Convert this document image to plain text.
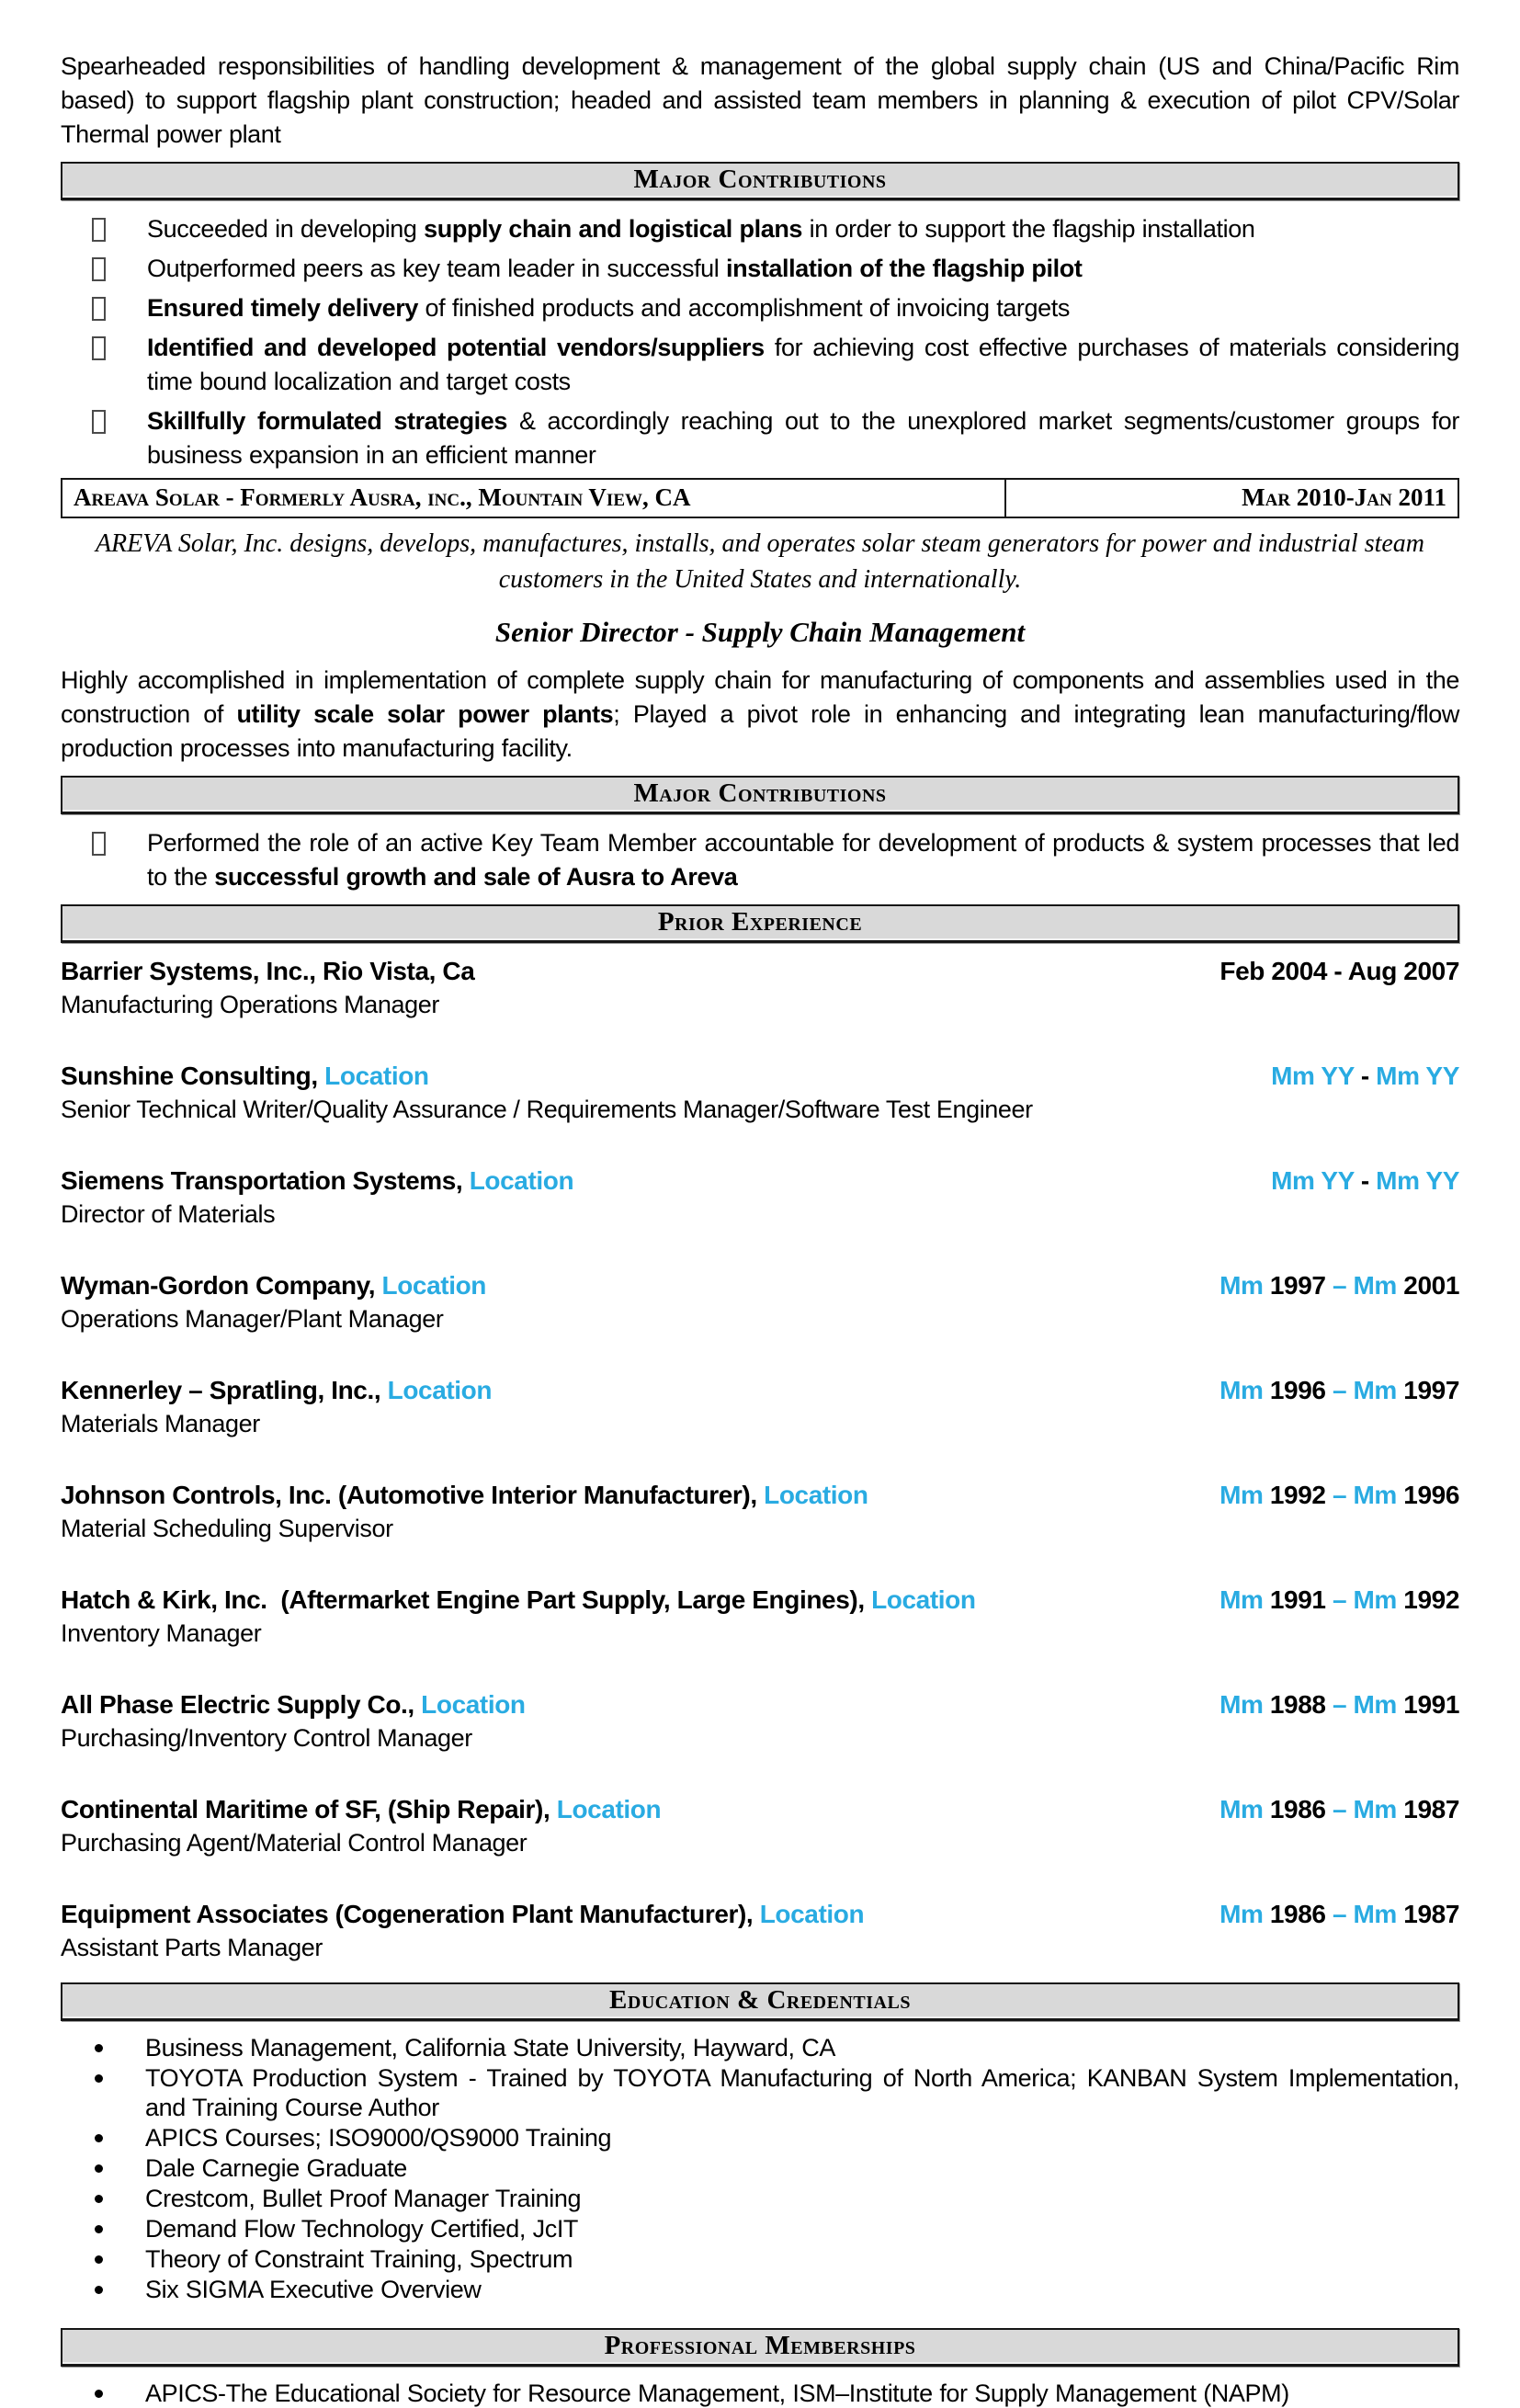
Spearheaded responsibilities of handling development & management of the global supply chain (US and China/Pacific Rim based) to support flagship plant construction; headed and assisted team members in planning & execution of pilot CPV/Solar Thermal power plant

Major Contributions
Succeeded in developing supply chain and logistical plans in order to support the flagship installation
Outperformed peers as key team leader in successful installation of the flagship pilot
Ensured timely delivery of finished products and accomplishment of invoicing targets
Identified and developed potential vendors/suppliers for achieving cost effective purchases of materials considering time bound localization and target costs
Skillfully formulated strategies & accordingly reaching out to the unexplored market segments/customer groups for business expansion in an efficient manner
Areava Solar - Formerly Ausra, inc., Mountain View, CA	Mar 2010-Jan 2011

AREVA Solar, Inc. designs, develops, manufactures, installs, and operates solar steam generators for power and industrial steam customers in the United States and internationally.

Senior Director - Supply Chain Management

Highly accomplished in implementation of complete supply chain for manufacturing of components and assemblies used in the construction of utility scale solar power plants; Played a pivot role in enhancing and integrating lean manufacturing/flow production processes into manufacturing facility.

Major Contributions
Performed the role of an active Key Team Member accountable for development of products & system processes that led to the successful growth and sale of Ausra to Areva
Prior Experience
Barrier Systems, Inc., Rio Vista, Ca	Feb 2004 - Aug 2007
Manufacturing Operations Manager
Sunshine Consulting, Location	Mm YY - Mm YY
Senior Technical Writer/Quality Assurance / Requirements Manager/Software Test Engineer
Siemens Transportation Systems, Location	Mm YY - Mm YY
Director of Materials
Wyman-Gordon Company, Location	Mm 1997 – Mm 2001
Operations Manager/Plant Manager
Kennerley – Spratling, Inc., Location	Mm 1996 – Mm 1997
Materials Manager
Johnson Controls, Inc. (Automotive Interior Manufacturer), Location	Mm 1992 – Mm 1996
Material Scheduling Supervisor
Hatch & Kirk, Inc.  (Aftermarket Engine Part Supply, Large Engines), Location	Mm 1991 – Mm 1992
Inventory Manager
All Phase Electric Supply Co., Location	Mm 1988 – Mm 1991
Purchasing/Inventory Control Manager
Continental Maritime of SF, (Ship Repair), Location	Mm 1986 – Mm 1987
Purchasing Agent/Material Control Manager
Equipment Associates (Cogeneration Plant Manufacturer), Location	Mm 1986 – Mm 1987
Assistant Parts Manager
Education & Credentials
Business Management, California State University, Hayward, CA
TOYOTA Production System - Trained by TOYOTA Manufacturing of North America; KANBAN System Implementation, and Training Course Author
APICS Courses; ISO9000/QS9000 Training
Dale Carnegie Graduate
Crestcom, Bullet Proof Manager Training
Demand Flow Technology Certified, JcIT
Theory of Constraint Training, Spectrum
Six SIGMA Executive Overview
Professional Memberships
APICS-The Educational Society for Resource Management, ISM–Institute for Supply Management (NAPM)
